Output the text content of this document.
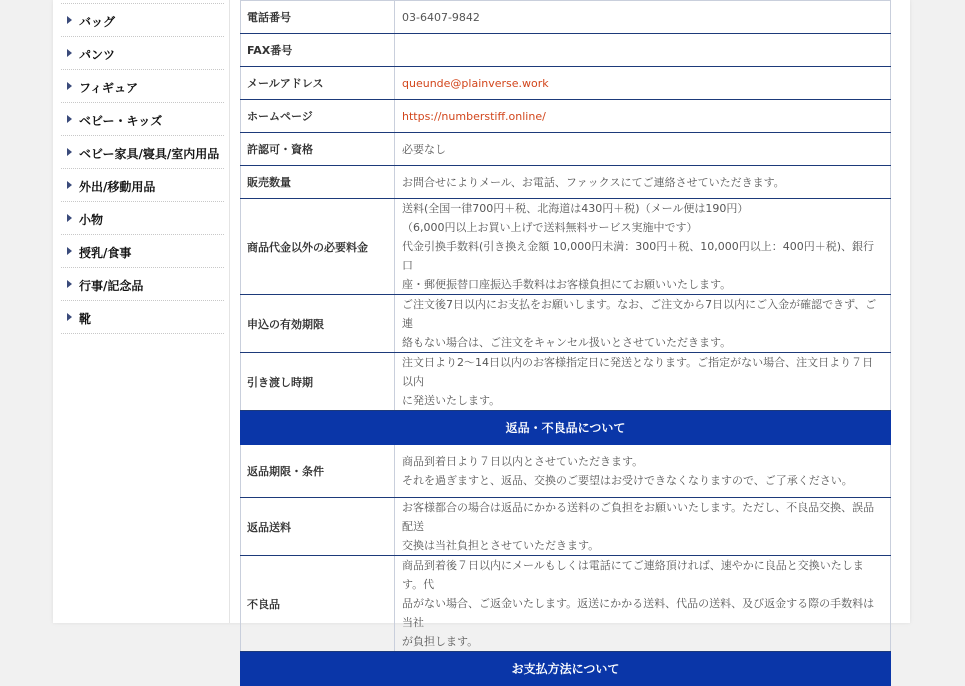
バッグ
パンツ
フィギュア
ベビー・キッズ
ベビー家具/寝具/室内用品
外出/移動用品
小物
授乳/食事
行事/記念品
靴
電話番号	03-6407-9842
FAX番号	
メールアドレス	queunde@plainverse.work
ホームページ	https://numberstiff.online/
許認可・資格	必要なし
販売数量	お問合せによりメール、お電話、ファックスにてご連絡させていただきます。
商品代金以外の必要料金	送料(全国一律700円＋税、北海道は430円＋税)（メール便は190円）
（6,000円以上お買い上げで送料無料サービス実施中です）
代金引換手数料(引き換え金額 10,000円未満：300円＋税、10,000円以上：400円＋税)、銀行口
座・郵便振替口座振込手数料はお客様負担にてお願いいたします。

申込の有効期限	ご注文後7日以内にお支払をお願いします。なお、ご注文から7日以内にご入金が確認できず、ご連
絡もない場合は、ご注文をキャンセル扱いとさせていただきます。

引き渡し時期	注文日より2〜14日以内のお客様指定日に発送となります。ご指定がない場合、注文日より７日以内
に発送いたします。

返品・不良品について	
返品期限・条件	商品到着日より７日以内とさせていただきます。
それを過ぎますと、返品、交換のご要望はお受けできなくなりますので、ご了承ください。

返品送料	お客様都合の場合は返品にかかる送料のご負担をお願いいたします。ただし、不良品交換、誤品配送
交換は当社負担とさせていただきます。

不良品	商品到着後７日以内にメールもしくは電話にてご連絡頂ければ、速やかに良品と交換いたします。代
品がない場合、ご返金いたします。返送にかかる送料、代品の送料、及び返金する際の手数料は当社
が負担します。

お支払方法について	
